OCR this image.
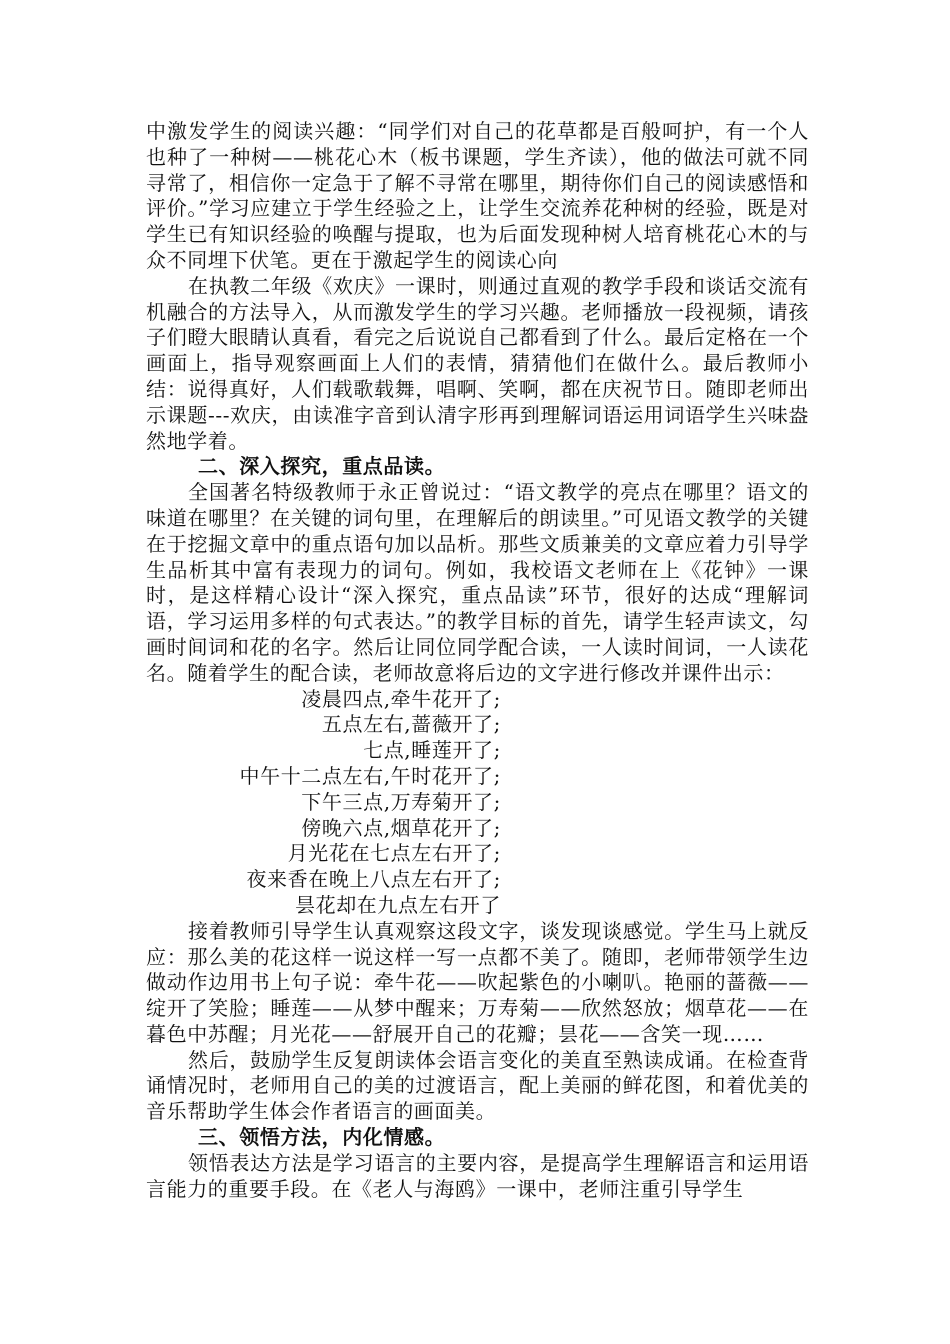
中激发学生的阅读兴趣：“同学们对自己的花草都是百般呵护，有一个人也种了一种树——桃花心木（板书课题，学生齐读），他的做法可就不同寻常了，相信你一定急于了解不寻常在哪里，期待你们自己的阅读感悟和评价。”学习应建立于学生经验之上，让学生交流养花种树的经验，既是对学生已有知识经验的唤醒与提取，也为后面发现种树人培育桃花心木的与众不同埋下伏笔。更在于激起学生的阅读心向

在执教二年级《欢庆》一课时，则通过直观的教学手段和谈话交流有机融合的方法导入，从而激发学生的学习兴趣。老师播放一段视频，请孩子们瞪大眼睛认真看，看完之后说说自己都看到了什么。最后定格在一个画面上，指导观察画面上人们的表情，猜猜他们在做什么。最后教师小结：说得真好，人们载歌载舞，唱啊、笑啊，都在庆祝节日。随即老师出示课题---欢庆，由读准字音到认清字形再到理解词语运用词语学生兴味盎然地学着。

二、深入探究，重点品读。

全国著名特级教师于永正曾说过：“语文教学的亮点在哪里？语文的味道在哪里？在关键的词句里，在理解后的朗读里。”可见语文教学的关键在于挖掘文章中的重点语句加以品析。那些文质兼美的文章应着力引导学生品析其中富有表现力的词句。例如，我校语文老师在上《花钟》一课时，是这样精心设计“深入探究，重点品读”环节，很好的达成“理解词语，学习运用多样的句式表达。”的教学目标的首先，请学生轻声读文，勾画时间词和花的名字。然后让同位同学配合读，一人读时间词，一人读花名。随着学生的配合读，老师故意将后边的文字进行修改并课件出示：

凌晨四点,牵牛花开了;
五点左右,蔷薇开了;
七点,睡莲开了;
中午十二点左右,午时花开了;
下午三点,万寿菊开了;
傍晚六点,烟草花开了;
月光花在七点左右开了;
夜来香在晚上八点左右开了;
昙花却在九点左右开了

接着教师引导学生认真观察这段文字，谈发现谈感觉。学生马上就反应：那么美的花这样一说这样一写一点都不美了。随即，老师带领学生边做动作边用书上句子说：牵牛花——吹起紫色的小喇叭。艳丽的蔷薇——绽开了笑脸；睡莲——从梦中醒来；万寿菊——欣然怒放；烟草花——在暮色中苏醒；月光花——舒展开自己的花瓣；昙花——含笑一现……

然后，鼓励学生反复朗读体会语言变化的美直至熟读成诵。在检查背诵情况时，老师用自己的美的过渡语言，配上美丽的鲜花图，和着优美的音乐帮助学生体会作者语言的画面美。

三、领悟方法，内化情感。

领悟表达方法是学习语言的主要内容，是提高学生理解语言和运用语言能力的重要手段。在《老人与海鸥》一课中，老师注重引导学生
